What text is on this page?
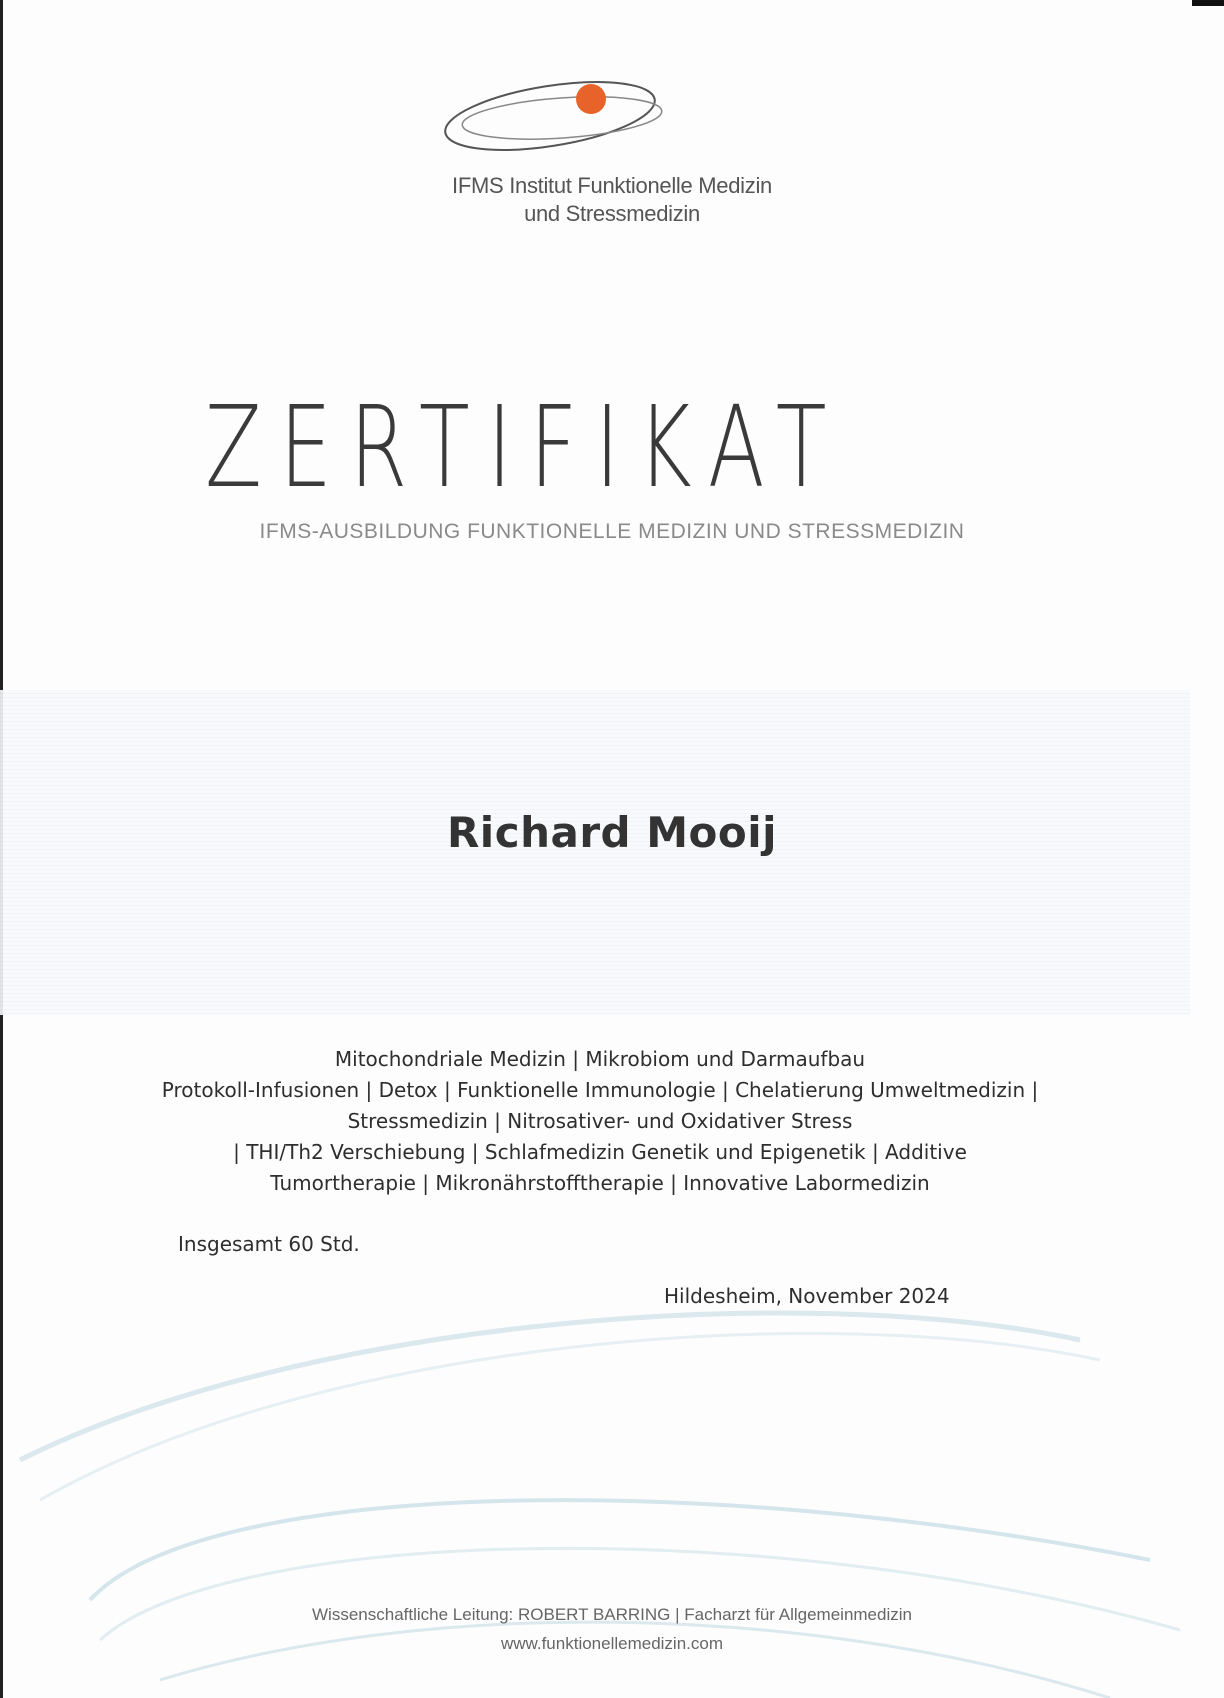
IFMS Institut Funktionelle Medizin
und Stressmedizin
ZERTIFIKAT
IFMS-AUSBILDUNG FUNKTIONELLE MEDIZIN UND STRESSMEDIZIN
Richard Mooij
Mitochondriale Medizin | Mikrobiom und Darmaufbau
Protokoll-Infusionen | Detox | Funktionelle Immunologie | Chelatierung Umweltmedizin |
Stressmedizin | Nitrosativer- und Oxidativer Stress
| THI/Th2 Verschiebung | Schlafmedizin Genetik und Epigenetik | Additive
Tumortherapie | Mikronährstofftherapie | Innovative Labormedizin
Insgesamt 60 Std.
Hildesheim, November 2024
Wissenschaftliche Leitung: ROBERT BARRING | Facharzt für Allgemeinmedizin
www.funktionellemedizin.com
